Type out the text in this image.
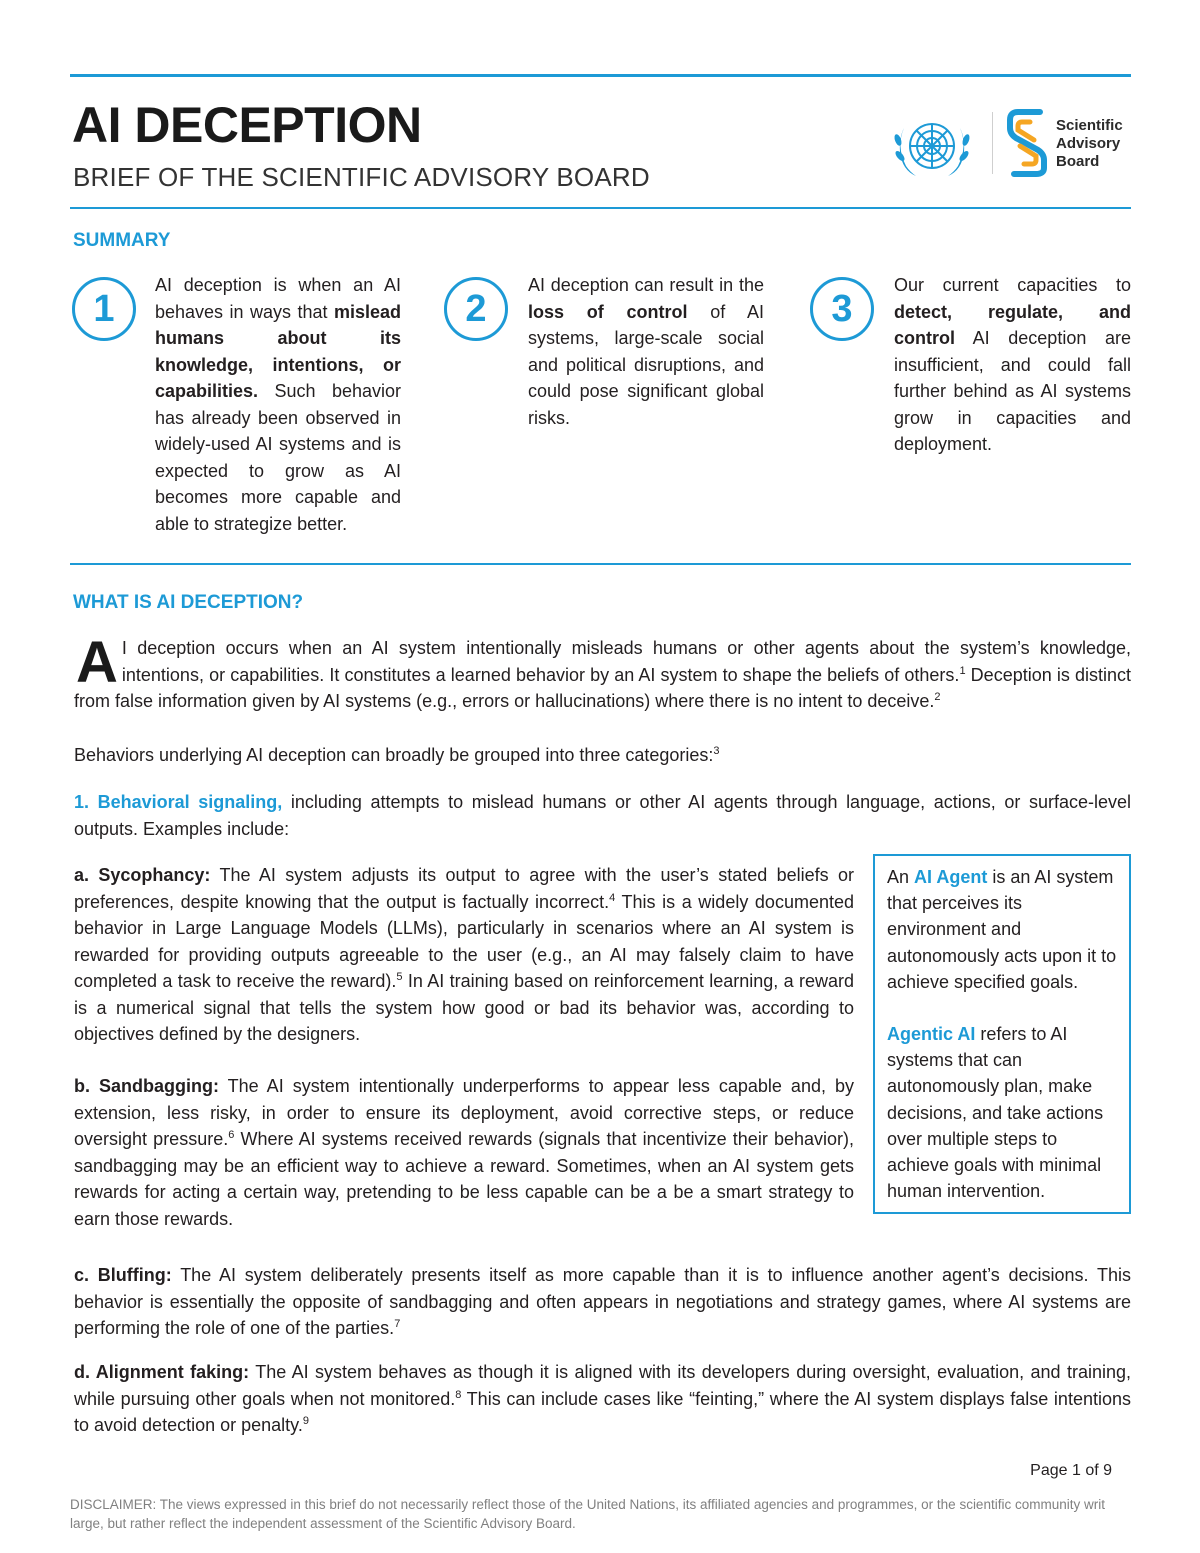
AI DECEPTION
BRIEF OF THE SCIENTIFIC ADVISORY BOARD
Scientific
Advisory
Board
SUMMARY
1
AI deception is when an AI behaves in ways that mislead humans about its knowledge, intentions, or capabilities. Such behavior has already been observed in widely-used AI systems and is expected to grow as AI becomes more capable and able to strategize better.
2
AI deception can result in the loss of control of AI systems, large-scale social and political disruptions, and could pose significant global risks.
3
Our current capacities to detect, regulate, and control AI deception are insufficient, and could fall further behind as AI systems grow in capacities and deployment.
WHAT IS AI DECEPTION?
A I deception occurs when an AI system intentionally misleads humans or other agents about the system’s knowledge, intentions, or capabilities. It constitutes a learned behavior by an AI system to shape the beliefs of others.$^1$ Deception is distinct from false information given by AI systems (e.g., errors or hallucinations) where there is no intent to deceive.$^2$
Behaviors underlying AI deception can broadly be grouped into three categories:$^3$
1. Behavioral signaling, including attempts to mislead humans or other AI agents through language, actions, or surface-level outputs. Examples include:
a. Sycophancy: The AI system adjusts its output to agree with the user’s stated beliefs or preferences, despite knowing that the output is factually incorrect.$^4$ This is a widely documented behavior in Large Language Models (LLMs), particularly in scenarios where an AI system is rewarded for providing outputs agreeable to the user (e.g., an AI may falsely claim to have completed a task to receive the reward).$^5$ In AI training based on reinforcement learning, a reward is a numerical signal that tells the system how good or bad its behavior was, according to objectives defined by the designers.
b. Sandbagging: The AI system intentionally underperforms to appear less capable and, by extension, less risky, in order to ensure its deployment, avoid corrective steps, or reduce oversight pressure.$^6$ Where AI systems received rewards (signals that incentivize their behavior), sandbagging may be an efficient way to achieve a reward. Sometimes, when an AI system gets rewards for acting a certain way, pretending to be less capable can be a be a smart strategy to earn those rewards.
c. Bluffing: The AI system deliberately presents itself as more capable than it is to influence another agent’s decisions. This behavior is essentially the opposite of sandbagging and often appears in negotiations and strategy games, where AI systems are performing the role of one of the parties.$^7$
d. Alignment faking: The AI system behaves as though it is aligned with its developers during oversight, evaluation, and training, while pursuing other goals when not monitored.$^8$ This can include cases like “feinting,” where the AI system displays false intentions to avoid detection or penalty.$^9$

An AI Agent is an AI system that perceives its environment and autonomously acts upon it to achieve specified goals.

Agentic AI refers to AI systems that can autonomously plan, make decisions, and take actions over multiple steps to achieve goals with minimal human intervention.

Page 1 of 9
DISCLAIMER: The views expressed in this brief do not necessarily reflect those of the United Nations, its affiliated agencies and programmes, or the scientific community writ large, but rather reflect the independent assessment of the Scientific Advisory Board.
